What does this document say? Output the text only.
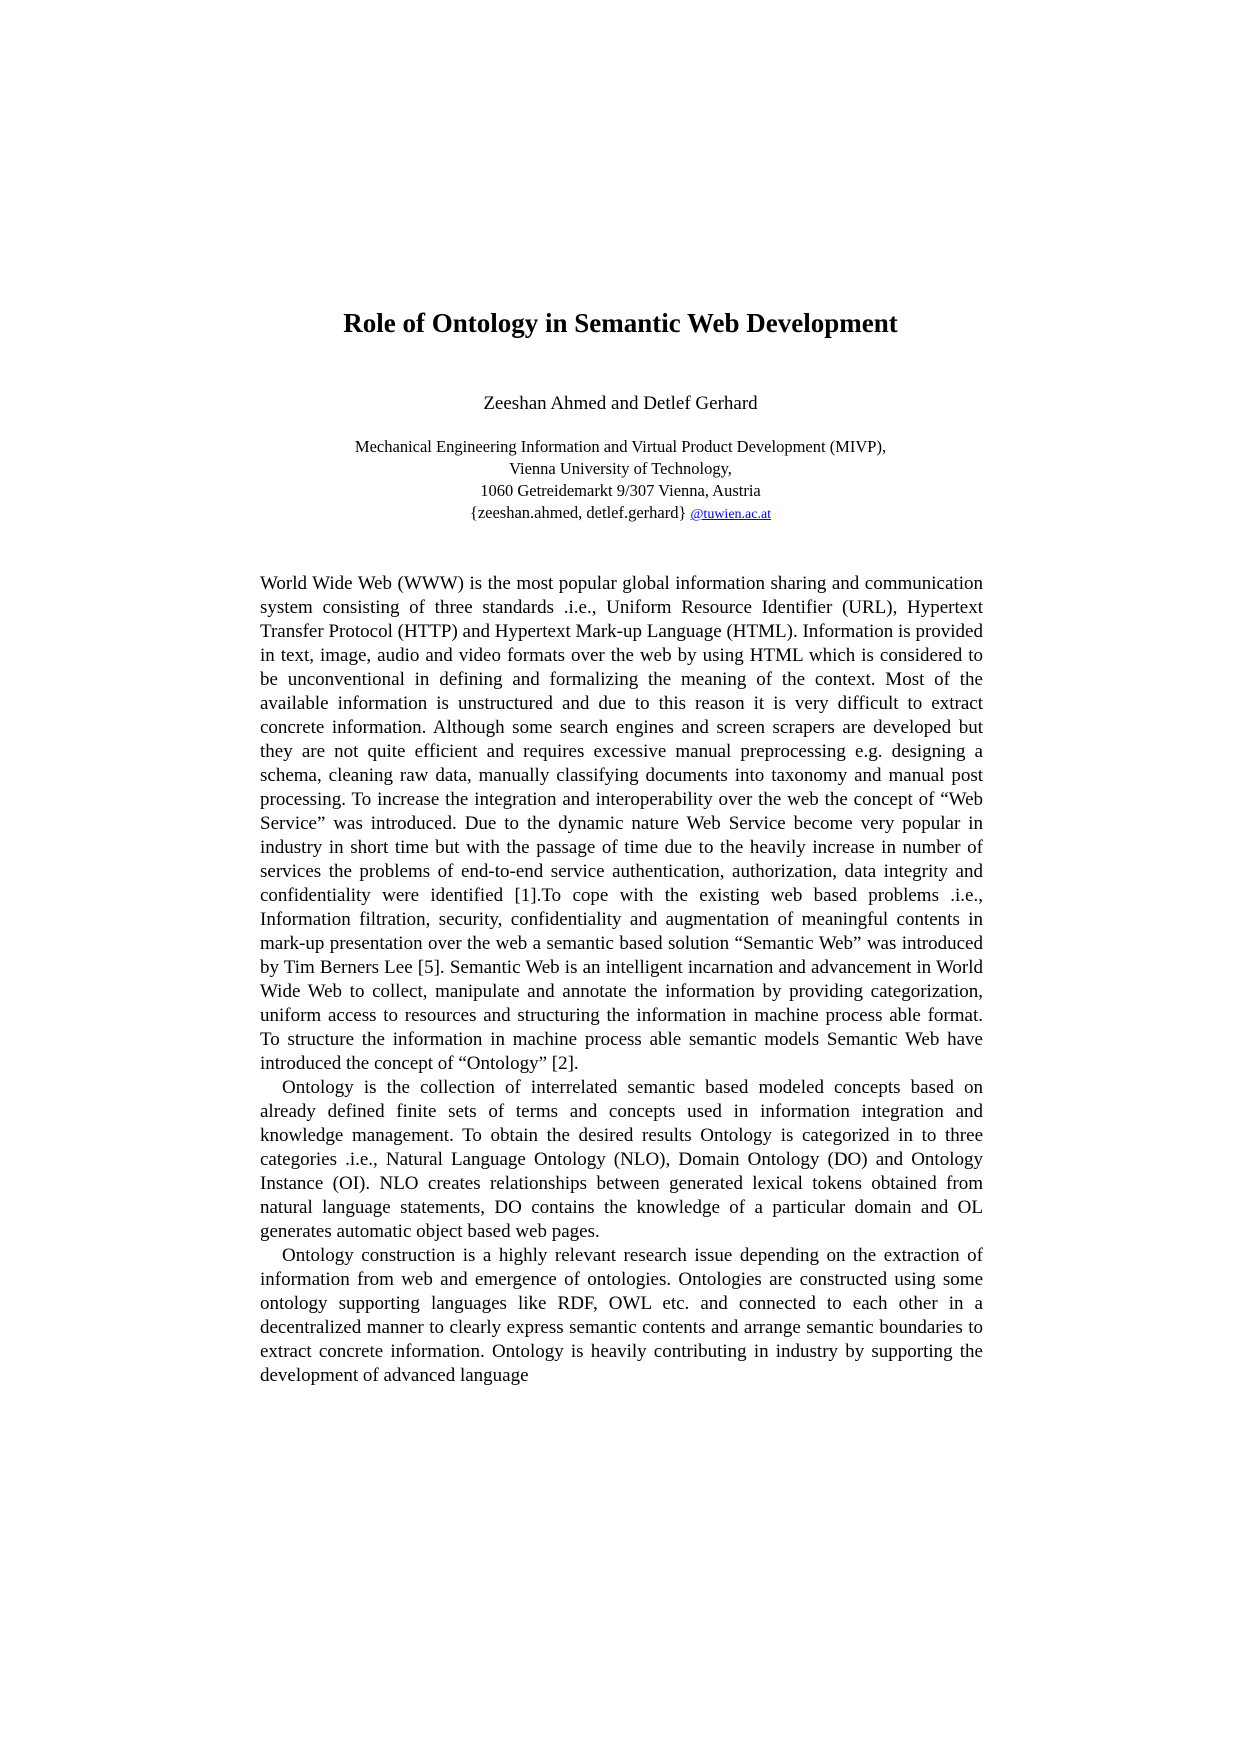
Role of Ontology in Semantic Web Development
Zeeshan Ahmed and Detlef Gerhard
Mechanical Engineering Information and Virtual Product Development (MIVP),
Vienna University of Technology,
1060 Getreidemarkt 9/307 Vienna, Austria
{zeeshan.ahmed, detlef.gerhard} @tuwien.ac.at

World Wide Web (WWW) is the most popular global information sharing and communication system consisting of three standards .i.e., Uniform Resource Identifier (URL), Hypertext Transfer Protocol (HTTP) and Hypertext Mark-up Language (HTML). Information is provided in text, image, audio and video formats over the web by using HTML which is considered to be unconventional in defining and formalizing the meaning of the context. Most of the available information is unstructured and due to this reason it is very difficult to extract concrete information. Although some search engines and screen scrapers are developed but they are not quite efficient and requires excessive manual preprocessing e.g. designing a schema, cleaning raw data, manually classifying documents into taxonomy and manual post processing. To increase the integration and interoperability over the web the concept of “Web Service” was introduced. Due to the dynamic nature Web Service become very popular in industry in short time but with the passage of time due to the heavily increase in number of services the problems of end-to-end service authentication, authorization, data integrity and confidentiality were identified [1].To cope with the existing web based problems .i.e., Information filtration, security, confidentiality and augmentation of meaningful contents in mark-up presentation over the web a semantic based solution “Semantic Web” was introduced by Tim Berners Lee [5]. Semantic Web is an intelligent incarnation and advancement in World Wide Web to collect, manipulate and annotate the information by providing categorization, uniform access to resources and structuring the information in machine process able format. To structure the information in machine process able semantic models Semantic Web have introduced the concept of “Ontology” [2].

Ontology is the collection of interrelated semantic based modeled concepts based on already defined finite sets of terms and concepts used in information integration and knowledge management. To obtain the desired results Ontology is categorized in to three categories .i.e., Natural Language Ontology (NLO), Domain Ontology (DO) and Ontology Instance (OI). NLO creates relationships between generated lexical tokens obtained from natural language statements, DO contains the knowledge of a particular domain and OL generates automatic object based web pages.

Ontology construction is a highly relevant research issue depending on the extraction of information from web and emergence of ontologies. Ontologies are constructed using some ontology supporting languages like RDF, OWL etc. and connected to each other in a decentralized manner to clearly express semantic contents and arrange semantic boundaries to extract concrete information. Ontology is heavily contributing in industry by supporting the development of advanced language
